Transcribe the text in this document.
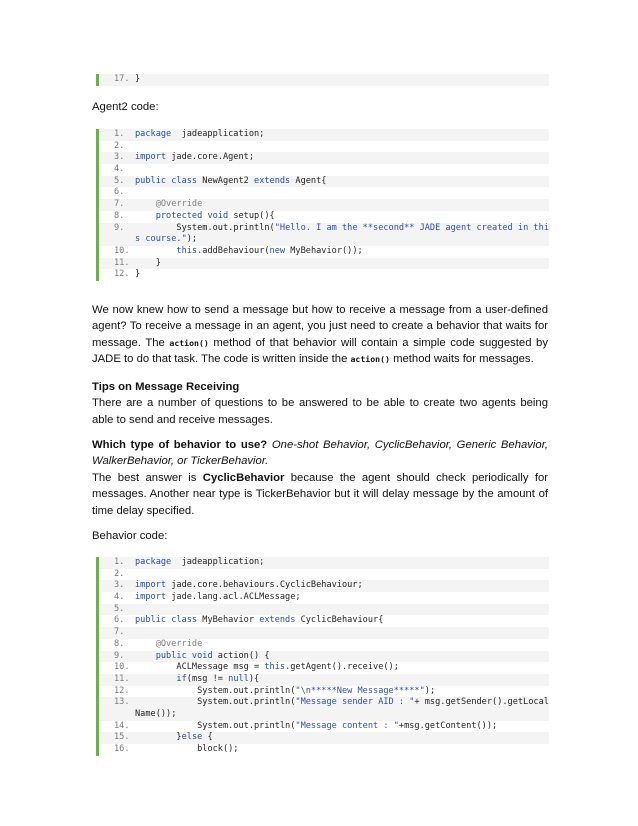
17. }

Agent2 code:

1.	package  jadeapplication;
2.
3.	import jade.core.Agent;
4.
5.	public class NewAgent2 extends Agent{
6.
7.	@Override
8.	protected void setup(){
9.	System.out.println("Hello. I am the **second** JADE agent created in thi
s course.");
10.	this.addBehaviour(new MyBehavior());
11. }
12. }

We now knew how to send a message but how to receive a message from a user-defined agent? To receive a message in an agent, you just need to create a behavior that waits for message. The action() method of that behavior will contain a simple code suggested by JADE to do that task. The code is written inside the action() method waits for messages.

Tips on Message Receiving
There are a number of questions to be answered to be able to create two agents being able to send and receive messages.

Which type of behavior to use? One-shot Behavior, CyclicBehavior, Generic Behavior, WalkerBehavior, or TickerBehavior.
The best answer is CyclicBehavior because the agent should check periodically for messages. Another near type is TickerBehavior but it will delay message by the amount of time delay specified.

Behavior code:

1.	package  jadeapplication;
2.
3.	import jade.core.behaviours.CyclicBehaviour;
4.	import jade.lang.acl.ACLMessage;
5.
6.	public class MyBehavior extends CyclicBehaviour{
7.
8.	@Override
9.	public void action() {
10. ACLMessage msg = this.getAgent().receive();
11.	if(msg != null){
12. System.out.println("\n*****New Message*****");
13. System.out.println("Message sender AID : "+ msg.getSender().getLocal
Name());
14. System.out.println("Message content : "+msg.getContent());
15. }else {
16. block();
